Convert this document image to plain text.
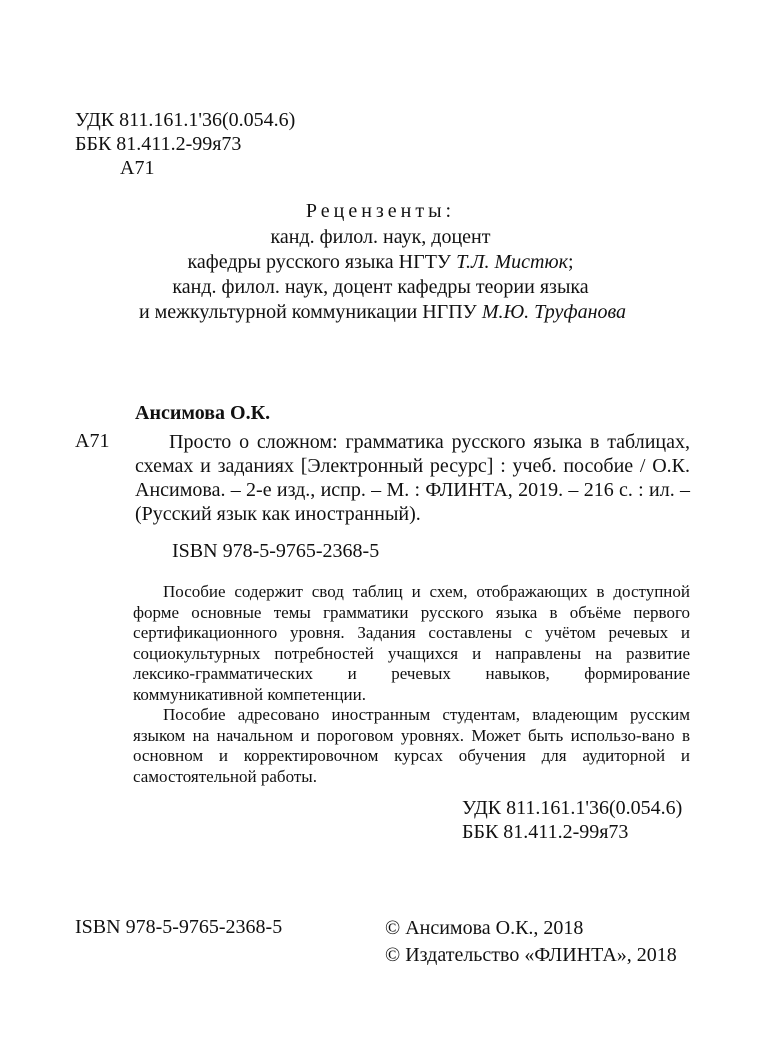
УДК 811.161.1'36(0.054.6)
ББК 81.411.2-99я73
А71
Рецензенты:
канд. филол. наук, доцент
кафедры русского языка НГТУ Т.Л. Мистюк;
канд. филол. наук, доцент кафедры теории языка
и межкультурной коммуникации НГПУ М.Ю. Труфанова
Ансимова О.К.
А71	Просто о сложном: грамматика русского языка в таблицах, схемах и заданиях [Электронный ресурс] : учеб. пособие / О.К. Ансимова. – 2-е изд., испр. – М. : ФЛИНТА, 2019. – 216 с. : ил. – (Русский язык как иностранный).
ISBN 978-5-9765-2368-5

Пособие содержит свод таблиц и схем, отображающих в доступной форме основные темы грамматики русского языка в объёме первого сертификационного уровня. Задания составлены с учётом речевых и социокультурных потребностей учащихся и направлены на развитие лексико-грамматических и речевых навыков, формирование коммуникативной компетенции.

Пособие адресовано иностранным студентам, владеющим русским языком на начальном и пороговом уровнях. Может быть использо-вано в основном и корректировочном курсах обучения для аудиторной и самостоятельной работы.

УДК 811.161.1'36(0.054.6)
ББК 81.411.2-99я73
ISBN 978-5-9765-2368-5	© Ансимова О.К., 2018
© Издательство «ФЛИНТА», 2018
